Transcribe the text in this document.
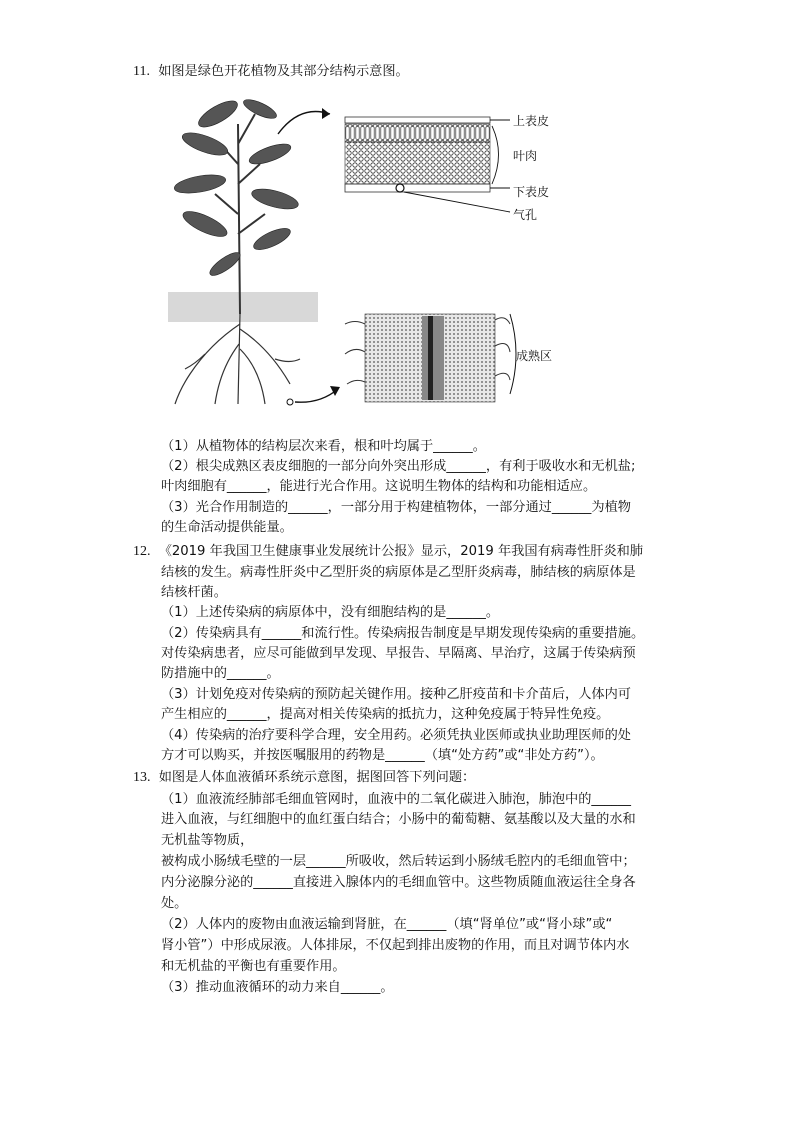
11. 如图是绿色开花植物及其部分结构示意图。
上表皮
叶肉
下表皮
气孔
成熟区
（1）从植物体的结构层次来看，根和叶均属于______。
（2）根尖成熟区表皮细胞的一部分向外突出形成______，有利于吸收水和无机盐;
叶肉细胞有______，能进行光合作用。这说明生物体的结构和功能相适应。
（3）光合作用制造的______，一部分用于构建植物体，一部分通过______为植物
的生命活动提供能量。
12. 《2019 年我国卫生健康事业发展统计公报》显示，2019 年我国有病毒性肝炎和肺
结核的发生。病毒性肝炎中乙型肝炎的病原体是乙型肝炎病毒，肺结核的病原体是
结核杆菌。
（1）上述传染病的病原体中，没有细胞结构的是______。
（2）传染病具有______和流行性。传染病报告制度是早期发现传染病的重要措施。
对传染病患者，应尽可能做到早发现、早报告、早隔离、早治疗，这属于传染病预
防措施中的______。
（3）计划免疫对传染病的预防起关键作用。接种乙肝疫苗和卡介苗后，人体内可
产生相应的______，提高对相关传染病的抵抗力，这种免疫属于特异性免疫。
（4）传染病的治疗要科学合理，安全用药。必须凭执业医师或执业助理医师的处
方才可以购买，并按医嘱服用的药物是______（填“处方药”或“非处方药”）。
13. 如图是人体血液循环系统示意图，据图回答下列问题：
（1）血液流经肺部毛细血管网时，血液中的二氧化碳进入肺泡，肺泡中的______
进入血液，与红细胞中的血红蛋白结合；小肠中的葡萄糖、氨基酸以及大量的水和
无机盐等物质，
被构成小肠绒毛壁的一层______所吸收，然后转运到小肠绒毛腔内的毛细血管中；
内分泌腺分泌的______直接进入腺体内的毛细血管中。这些物质随血液运往全身各
处。
（2）人体内的废物由血液运输到肾脏，在______（填“肾单位”或“肾小球”或“
肾小管”）中形成尿液。人体排尿，不仅起到排出废物的作用，而且对调节体内水
和无机盐的平衡也有重要作用。
（3）推动血液循环的动力来自______。
